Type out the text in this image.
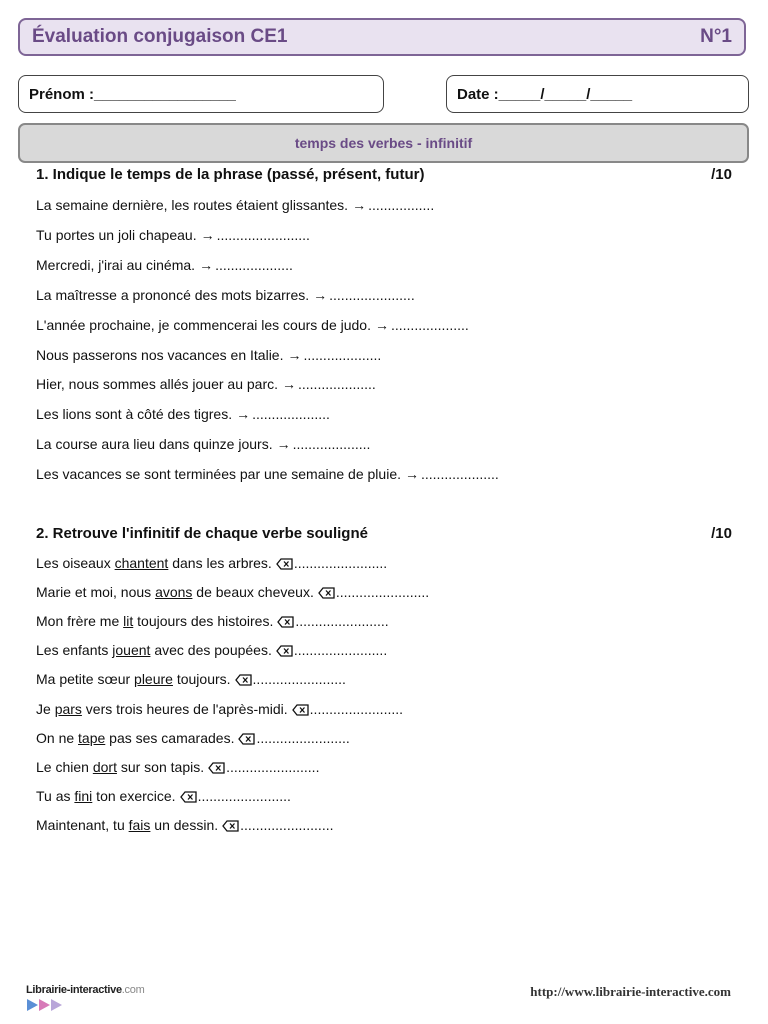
Évaluation conjugaison CE1	N°1
Prénom :_________________	Date :_____/_____/_____
temps des verbes - infinitif
1. Indique le temps de la phrase (passé, présent, futur)	/10
La semaine dernière, les routes étaient glissantes. → .................
Tu portes un joli chapeau. → ........................
Mercredi, j'irai au cinéma. → ....................
La maîtresse a prononcé des mots bizarres. → ......................
L'année prochaine, je commencerai les cours de judo. → ....................
Nous passerons nos vacances en Italie. → ....................
Hier, nous sommes allés jouer au parc. → ....................
Les lions sont à côté des tigres. → ....................
La course aura lieu dans quinze jours. → ....................
Les vacances se sont terminées par une semaine de pluie. → ....................
2. Retrouve l'infinitif de chaque verbe souligné	/10
Les oiseaux chantent dans les arbres. ........................
Marie et moi, nous avons de beaux cheveux. ........................
Mon frère me lit toujours des histoires. ........................
Les enfants jouent avec des poupées. ........................
Ma petite sœur pleure toujours. ........................
Je pars vers trois heures de l'après-midi. ........................
On ne tape pas ses camarades. ........................
Le chien dort sur son tapis. ........................
Tu as fini ton exercice. ........................
Maintenant, tu fais un dessin. ........................
Librairie-interactive.com	http://www.librairie-interactive.com
